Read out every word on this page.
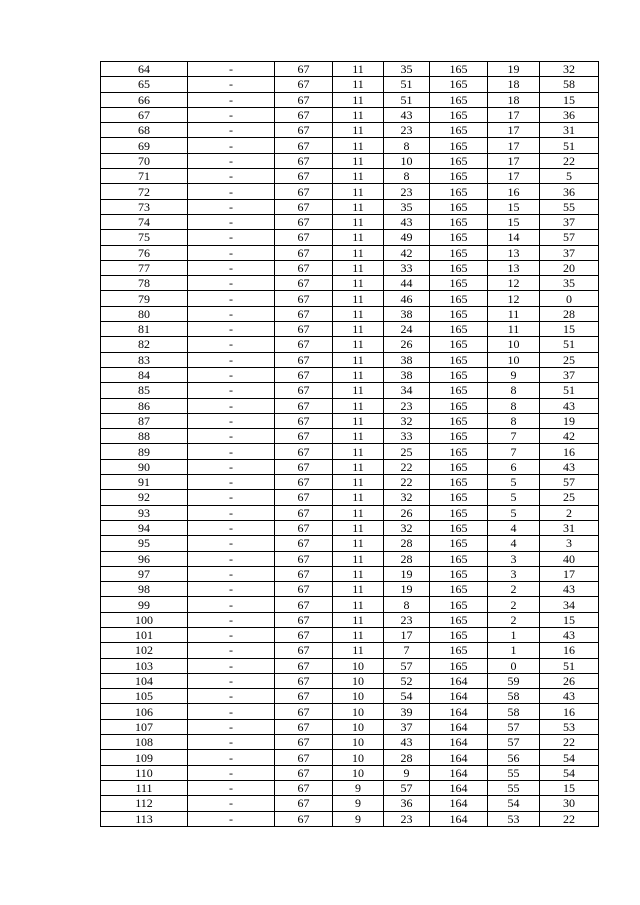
64	-	67	11	35	165	19	32
65	-	67	11	51	165	18	58
66	-	67	11	51	165	18	15
67	-	67	11	43	165	17	36
68	-	67	11	23	165	17	31
69	-	67	11	8	165	17	51
70	-	67	11	10	165	17	22
71	-	67	11	8	165	17	5
72	-	67	11	23	165	16	36
73	-	67	11	35	165	15	55
74	-	67	11	43	165	15	37
75	-	67	11	49	165	14	57
76	-	67	11	42	165	13	37
77	-	67	11	33	165	13	20
78	-	67	11	44	165	12	35
79	-	67	11	46	165	12	0
80	-	67	11	38	165	11	28
81	-	67	11	24	165	11	15
82	-	67	11	26	165	10	51
83	-	67	11	38	165	10	25
84	-	67	11	38	165	9	37
85	-	67	11	34	165	8	51
86	-	67	11	23	165	8	43
87	-	67	11	32	165	8	19
88	-	67	11	33	165	7	42
89	-	67	11	25	165	7	16
90	-	67	11	22	165	6	43
91	-	67	11	22	165	5	57
92	-	67	11	32	165	5	25
93	-	67	11	26	165	5	2
94	-	67	11	32	165	4	31
95	-	67	11	28	165	4	3
96	-	67	11	28	165	3	40
97	-	67	11	19	165	3	17
98	-	67	11	19	165	2	43
99	-	67	11	8	165	2	34
100	-	67	11	23	165	2	15
101	-	67	11	17	165	1	43
102	-	67	11	7	165	1	16
103	-	67	10	57	165	0	51
104	-	67	10	52	164	59	26
105	-	67	10	54	164	58	43
106	-	67	10	39	164	58	16
107	-	67	10	37	164	57	53
108	-	67	10	43	164	57	22
109	-	67	10	28	164	56	54
110	-	67	10	9	164	55	54
111	-	67	9	57	164	55	15
112	-	67	9	36	164	54	30
113	-	67	9	23	164	53	22
